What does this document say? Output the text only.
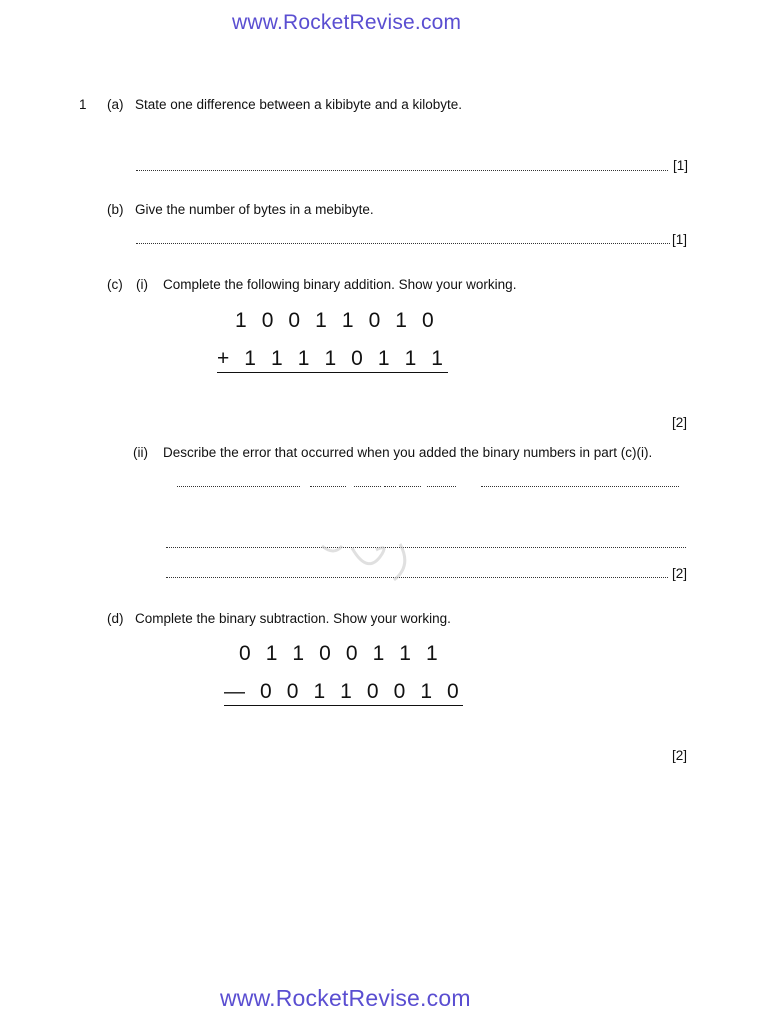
www.RocketRevise.com
1 (a) State one difference between a kibibyte and a kilobyte.
[1]
(b) Give the number of bytes in a mebibyte.
[1]
(c) (i) Complete the following binary addition. Show your working.
1 0 0 1 1 0 1 0
+ 1 1 1 1 0 1 1 1
[2]
(ii) Describe the error that occurred when you added the binary numbers in part (c)(i).
[2]
(d) Complete the binary subtraction. Show your working.
0 1 1 0 0 1 1 1
— 0 0 1 1 0 0 1 0
[2]
www.RocketRevise.com
